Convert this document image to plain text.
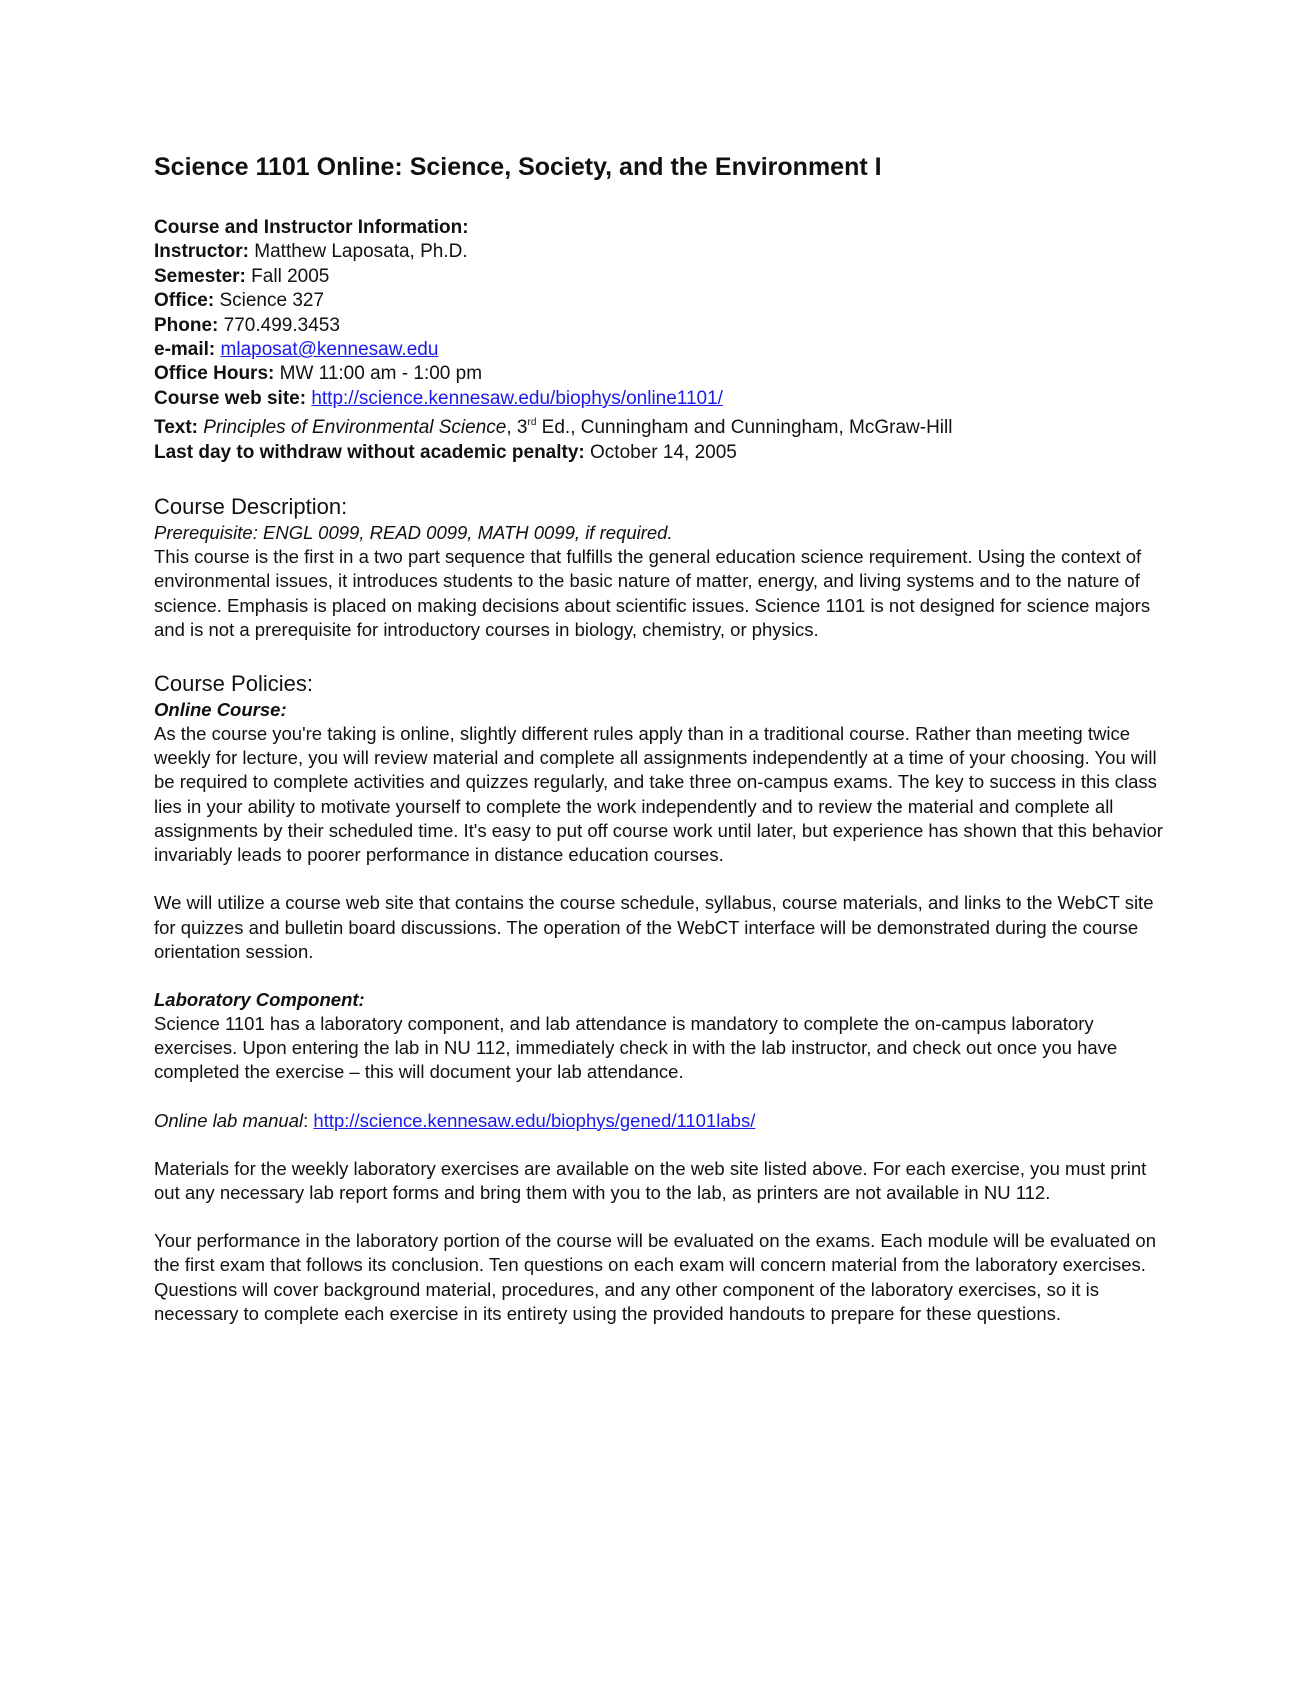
Science 1101 Online: Science, Society, and the Environment I
Course and Instructor Information:
Instructor: Matthew Laposata, Ph.D.
Semester: Fall 2005
Office: Science 327
Phone: 770.499.3453
e-mail: mlaposat@kennesaw.edu
Office Hours: MW 11:00 am - 1:00 pm
Course web site: http://science.kennesaw.edu/biophys/online1101/
Text: Principles of Environmental Science, 3rd Ed., Cunningham and Cunningham, McGraw-Hill
Last day to withdraw without academic penalty: October 14, 2005
Course Description:

Prerequisite: ENGL 0099, READ 0099, MATH 0099, if required.

This course is the first in a two part sequence that fulfills the general education science requirement. Using the context of environmental issues, it introduces students to the basic nature of matter, energy, and living systems and to the nature of science. Emphasis is placed on making decisions about scientific issues. Science 1101 is not designed for science majors and is not a prerequisite for introductory courses in biology, chemistry, or physics.

Course Policies:
Online Course:

As the course you're taking is online, slightly different rules apply than in a traditional course. Rather than meeting twice weekly for lecture, you will review material and complete all assignments independently at a time of your choosing. You will be required to complete activities and quizzes regularly, and take three on-campus exams. The key to success in this class lies in your ability to motivate yourself to complete the work independently and to review the material and complete all assignments by their scheduled time. It's easy to put off course work until later, but experience has shown that this behavior invariably leads to poorer performance in distance education courses.

We will utilize a course web site that contains the course schedule, syllabus, course materials, and links to the WebCT site for quizzes and bulletin board discussions. The operation of the WebCT interface will be demonstrated during the course orientation session.

Laboratory Component:

Science 1101 has a laboratory component, and lab attendance is mandatory to complete the on-campus laboratory exercises. Upon entering the lab in NU 112, immediately check in with the lab instructor, and check out once you have completed the exercise – this will document your lab attendance.

Online lab manual: http://science.kennesaw.edu/biophys/gened/1101labs/

Materials for the weekly laboratory exercises are available on the web site listed above. For each exercise, you must print out any necessary lab report forms and bring them with you to the lab, as printers are not available in NU 112.

Your performance in the laboratory portion of the course will be evaluated on the exams. Each module will be evaluated on the first exam that follows its conclusion. Ten questions on each exam will concern material from the laboratory exercises. Questions will cover background material, procedures, and any other component of the laboratory exercises, so it is necessary to complete each exercise in its entirety using the provided handouts to prepare for these questions.
